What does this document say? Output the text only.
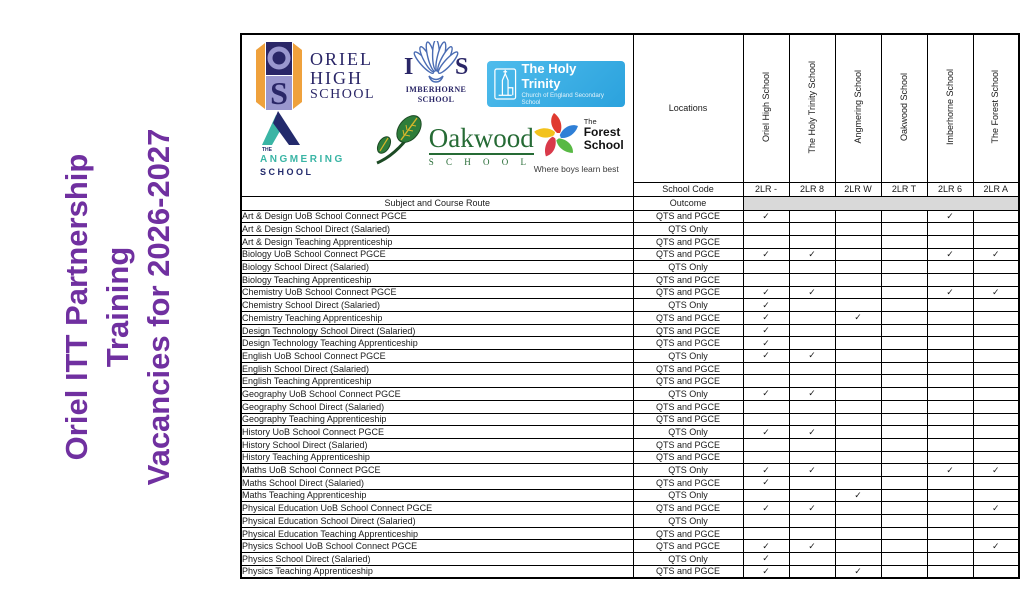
Oriel ITT Partnership Training Vacancies for 2026-2027
S
ORIEL
HIGH
SCHOOL
I S
IMBERHORNE
SCHOOL
The Holy Trinity
Church of England Secondary School
THE
ANGMERING
SCHOOL
Oakwood
S C H O O L
The
Forest
School
Where boys learn best
	Locations	Oriel High School	The Holy Trinity School	Angmering School	Oakwood School	Imberhorne School	The Forest School
	School Code	2LR -	2LR 8	2LR W	2LR T	2LR 6	2LR A
Subject and Course Route	Outcome						
Art & Design UoB School Connect PGCE	QTS and PGCE	✓				✓	
Art & Design School Direct (Salaried)	QTS Only						
Art & Design Teaching Apprenticeship	QTS and PGCE						
Biology UoB School Connect PGCE	QTS and PGCE	✓	✓			✓	✓
Biology School Direct (Salaried)	QTS Only						
Biology Teaching Apprenticeship	QTS and PGCE						
Chemistry UoB School Connect PGCE	QTS and PGCE	✓	✓			✓	✓
Chemistry School Direct (Salaried)	QTS Only	✓					
Chemistry Teaching Apprenticeship	QTS and PGCE	✓		✓			
Design Technology School Direct (Salaried)	QTS and PGCE	✓					
Design Technology Teaching Apprenticeship	QTS and PGCE	✓					
English UoB School Connect PGCE	QTS Only	✓	✓				
English School Direct (Salaried)	QTS and PGCE						
English Teaching Apprenticeship	QTS and PGCE						
Geography UoB School Connect PGCE	QTS Only	✓	✓				
Geography School Direct (Salaried)	QTS and PGCE						
Geography Teaching Apprenticeship	QTS and PGCE						
History UoB School Connect PGCE	QTS Only	✓	✓				
History School Direct (Salaried)	QTS and PGCE						
History Teaching Apprenticeship	QTS and PGCE						
Maths UoB School Connect PGCE	QTS Only	✓	✓			✓	✓
Maths School Direct (Salaried)	QTS and PGCE	✓					
Maths Teaching Apprenticeship	QTS Only			✓			
Physical Education UoB School Connect PGCE	QTS and PGCE	✓	✓				✓
Physical Education School Direct (Salaried)	QTS Only						
Physical Education Teaching Apprenticeship	QTS and PGCE						
Physics School UoB School Connect PGCE	QTS and PGCE	✓	✓				✓
Physics School Direct (Salaried)	QTS Only	✓					
Physics Teaching Apprenticeship	QTS and PGCE	✓		✓			
